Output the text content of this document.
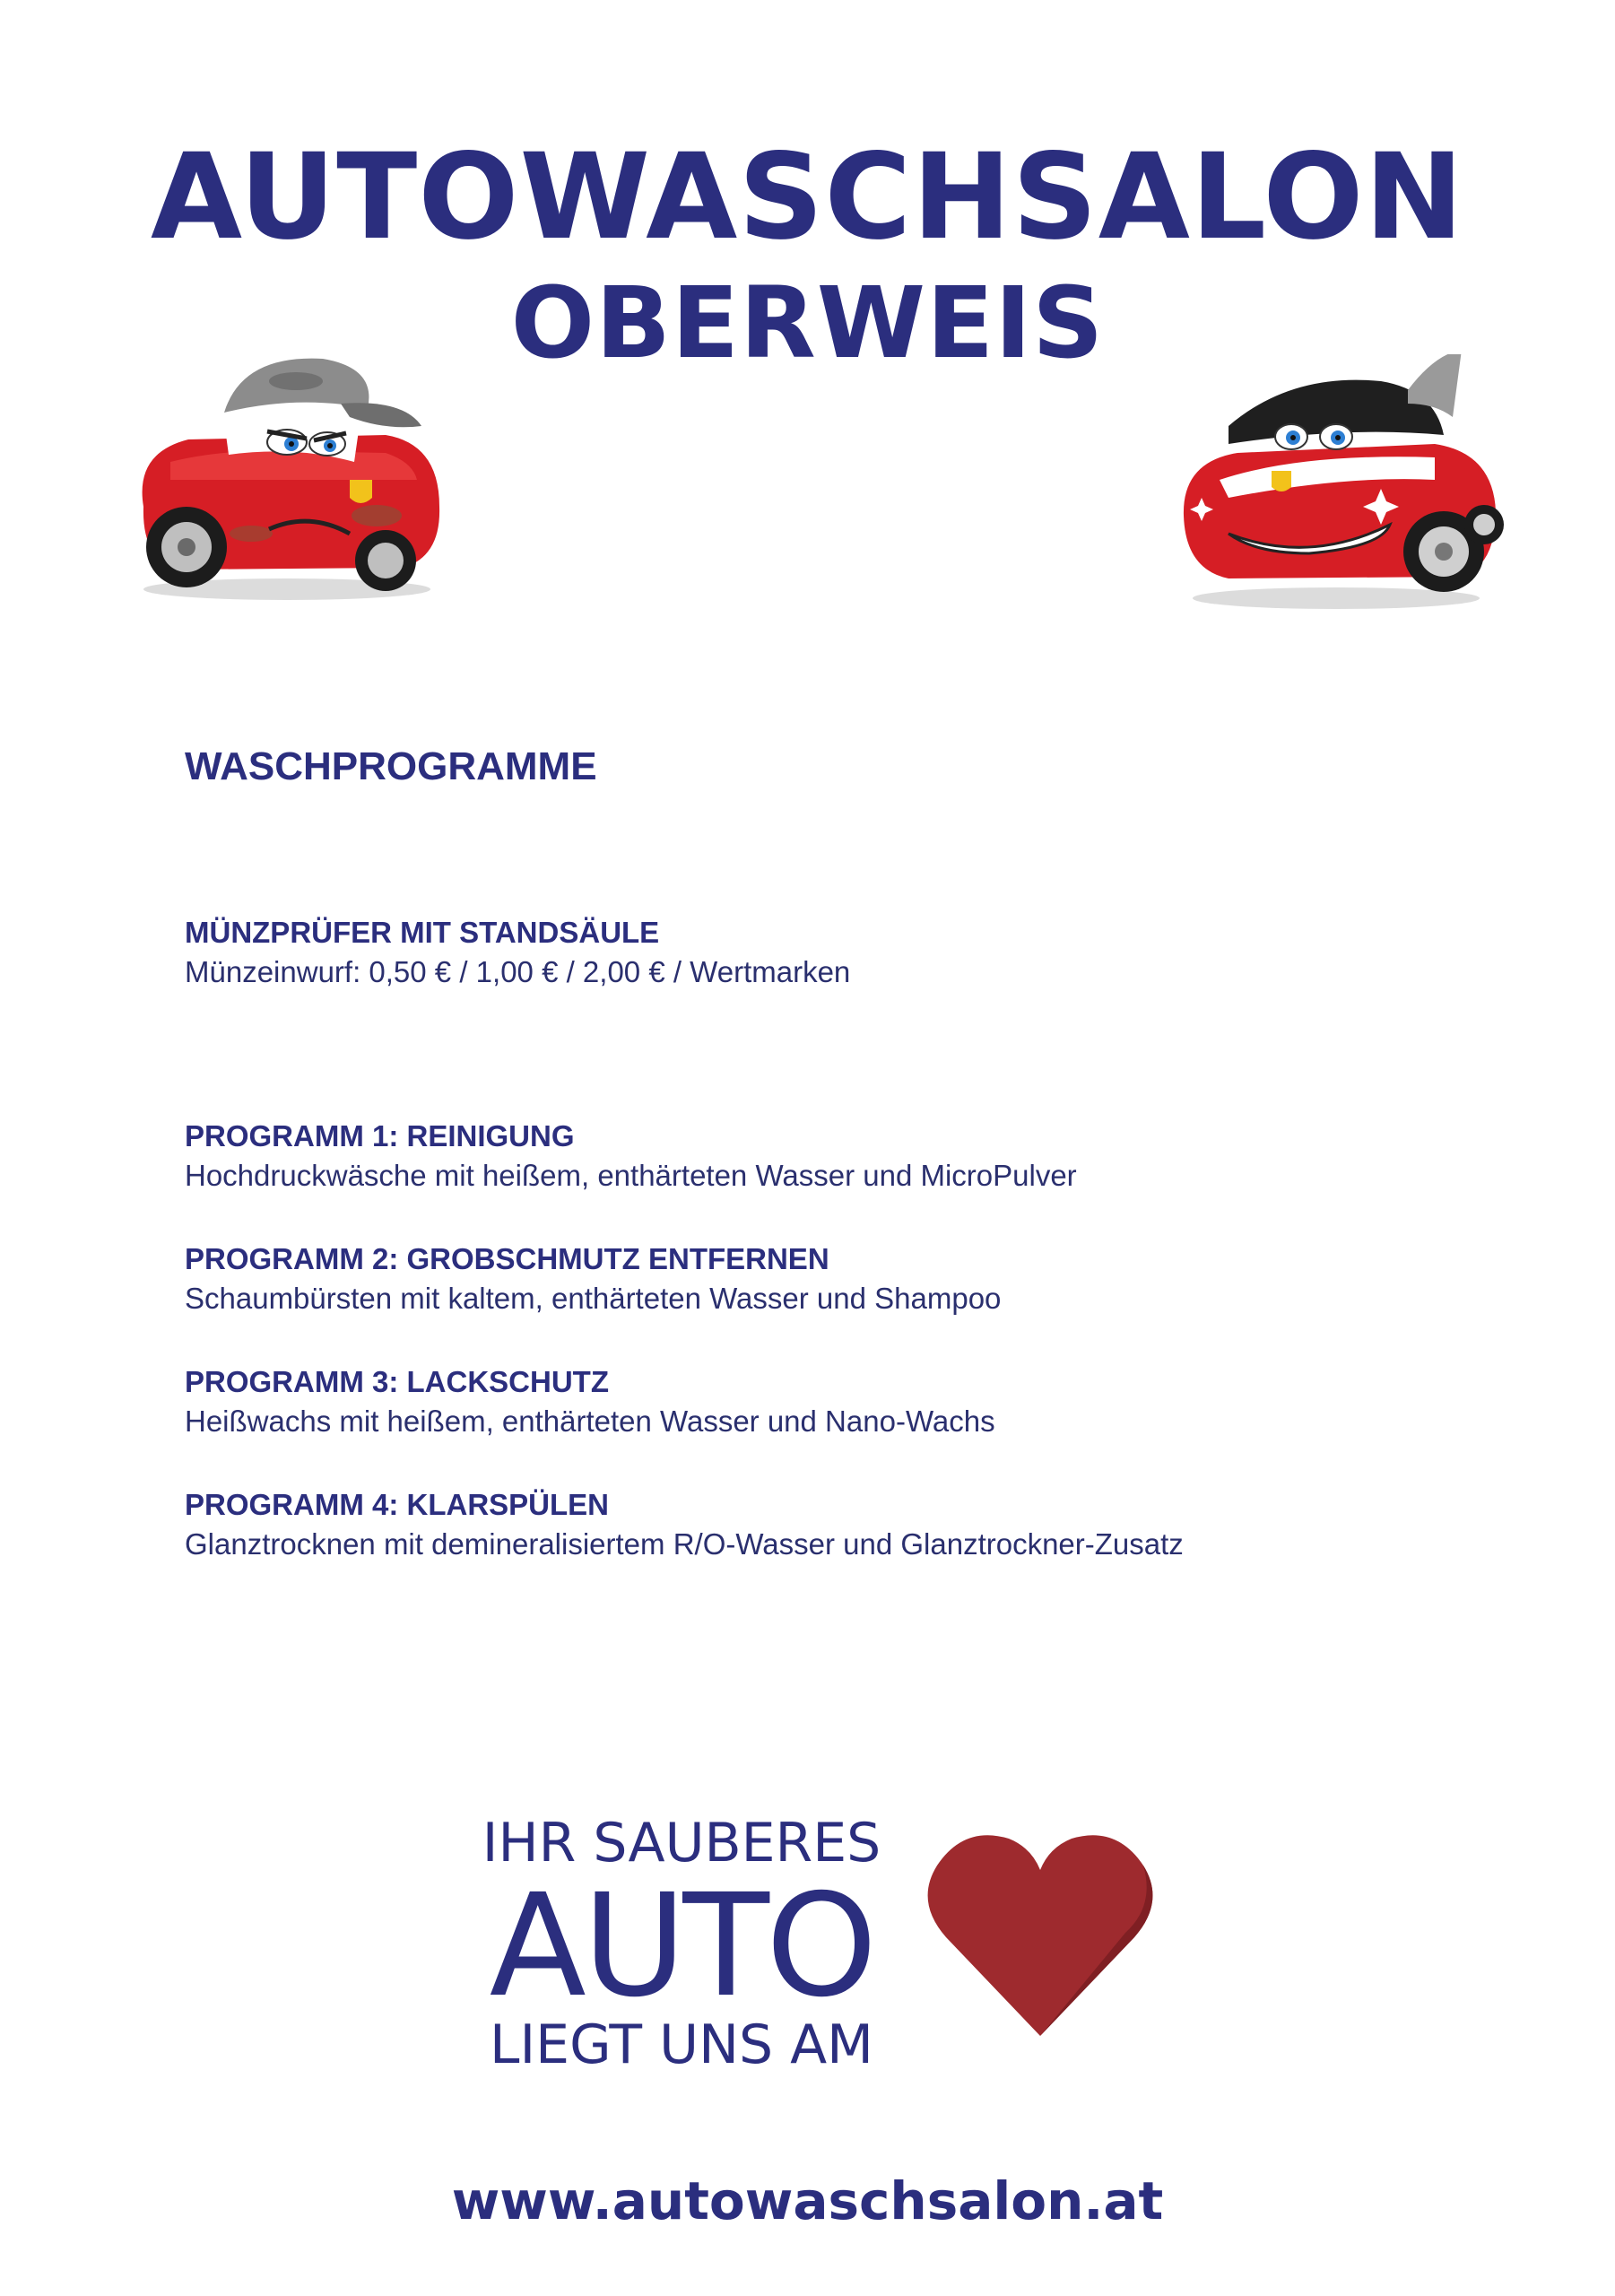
AUTOWASCHSALON
OBERWEIS
WASCHPROGRAMME

MÜNZPRÜFER MIT STANDSÄULE

Münzeinwurf: 0,50 € / 1,00 € / 2,00 € / Wertmarken

PROGRAMM 1: REINIGUNG

Hochdruckwäsche mit heißem, enthärteten Wasser und MicroPulver

PROGRAMM 2: GROBSCHMUTZ ENTFERNEN

Schaumbürsten mit kaltem, enthärteten Wasser und Shampoo

PROGRAMM 3: LACKSCHUTZ

Heißwachs mit heißem, enthärteten Wasser und Nano-Wachs

PROGRAMM 4: KLARSPÜLEN

Glanztrocknen mit demineralisiertem R/O-Wasser und Glanztrockner-Zusatz

IHR SAUBERES
AUTO
LIEGT UNS AM
www.autowaschsalon.at
